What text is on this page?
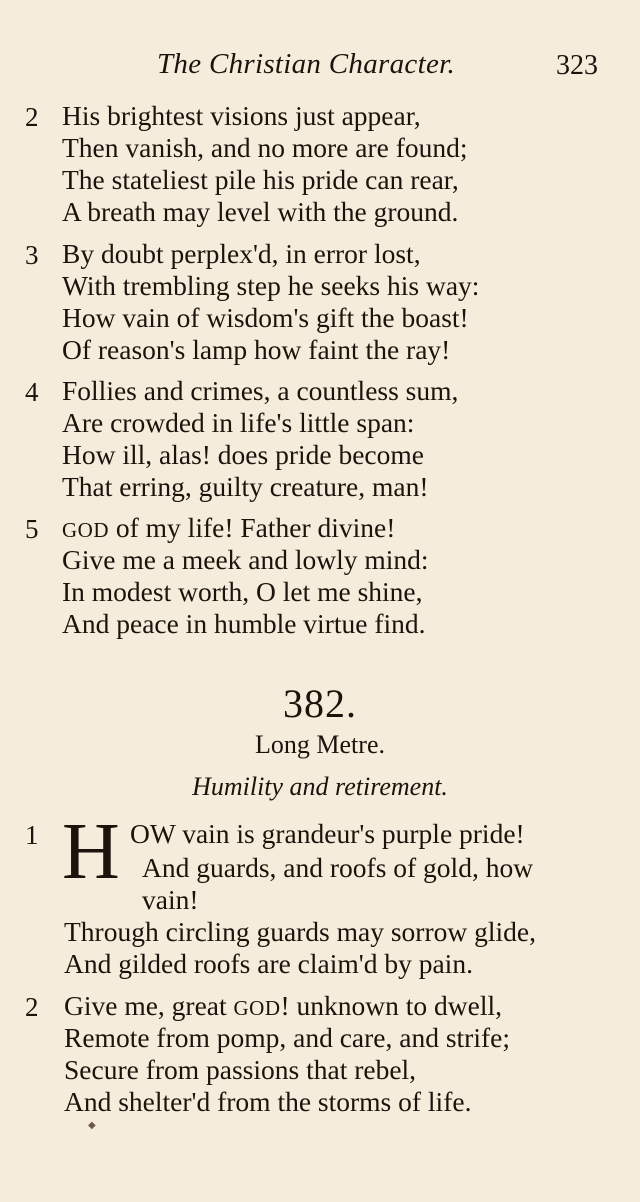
The Christian Character.	323
2 His brightest visions just appear,
Then vanish, and no more are found;
The stateliest pile his pride can rear,
A breath may level with the ground.
3 By doubt perplex'd, in error lost,
With trembling step he seeks his way:
How vain of wisdom's gift the boast!
Of reason's lamp how faint the ray!
4 Follies and crimes, a countless sum,
Are crowded in life's little span:
How ill, alas! does pride become
That erring, guilty creature, man!
5 GOD of my life! Father divine!
Give me a meek and lowly mind:
In modest worth, O let me shine,
And peace in humble virtue find.
382.
Long Metre.
Humility and retirement.
1 H OW vain is grandeur's purple pride!
And guards, and roofs of gold, how
vain!
Through circling guards may sorrow glide,
And gilded roofs are claim'd by pain.
2 Give me, great GOD! unknown to dwell,
Remote from pomp, and care, and strife;
Secure from passions that rebel,
And shelter'd from the storms of life.
◆
